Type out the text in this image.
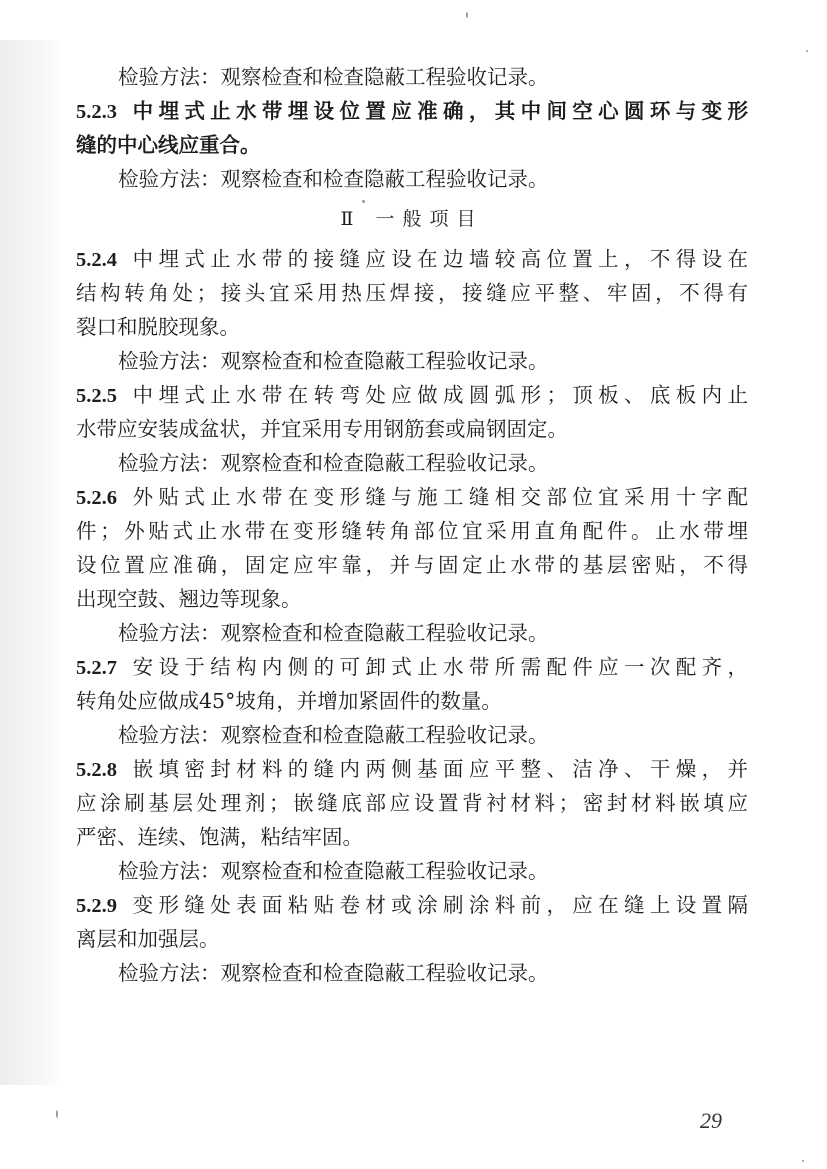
检验方法：观察检查和检查隐蔽工程验收记录。
5.2.3  中埋式止水带埋设位置应准确，其中间空心圆环与变形
缝的中心线应重合。
检验方法：观察检查和检查隐蔽工程验收记录。
Ⅱ 一般项目
5.2.4  中埋式止水带的接缝应设在边墙较高位置上，不得设在
结构转角处；接头宜采用热压焊接，接缝应平整、牢固，不得有
裂口和脱胶现象。
检验方法：观察检查和检查隐蔽工程验收记录。
5.2.5  中埋式止水带在转弯处应做成圆弧形；顶板、底板内止
水带应安装成盆状，并宜采用专用钢筋套或扁钢固定。
检验方法：观察检查和检查隐蔽工程验收记录。
5.2.6  外贴式止水带在变形缝与施工缝相交部位宜采用十字配
件；外贴式止水带在变形缝转角部位宜采用直角配件。止水带埋
设位置应准确，固定应牢靠，并与固定止水带的基层密贴，不得
出现空鼓、翘边等现象。
检验方法：观察检查和检查隐蔽工程验收记录。
5.2.7  安设于结构内侧的可卸式止水带所需配件应一次配齐，
转角处应做成45°坡角，并增加紧固件的数量。
检验方法：观察检查和检查隐蔽工程验收记录。
5.2.8  嵌填密封材料的缝内两侧基面应平整、洁净、干燥，并
应涂刷基层处理剂；嵌缝底部应设置背衬材料；密封材料嵌填应
严密、连续、饱满，粘结牢固。
检验方法：观察检查和检查隐蔽工程验收记录。
5.2.9  变形缝处表面粘贴卷材或涂刷涂料前，应在缝上设置隔
离层和加强层。
检验方法：观察检查和检查隐蔽工程验收记录。
29
